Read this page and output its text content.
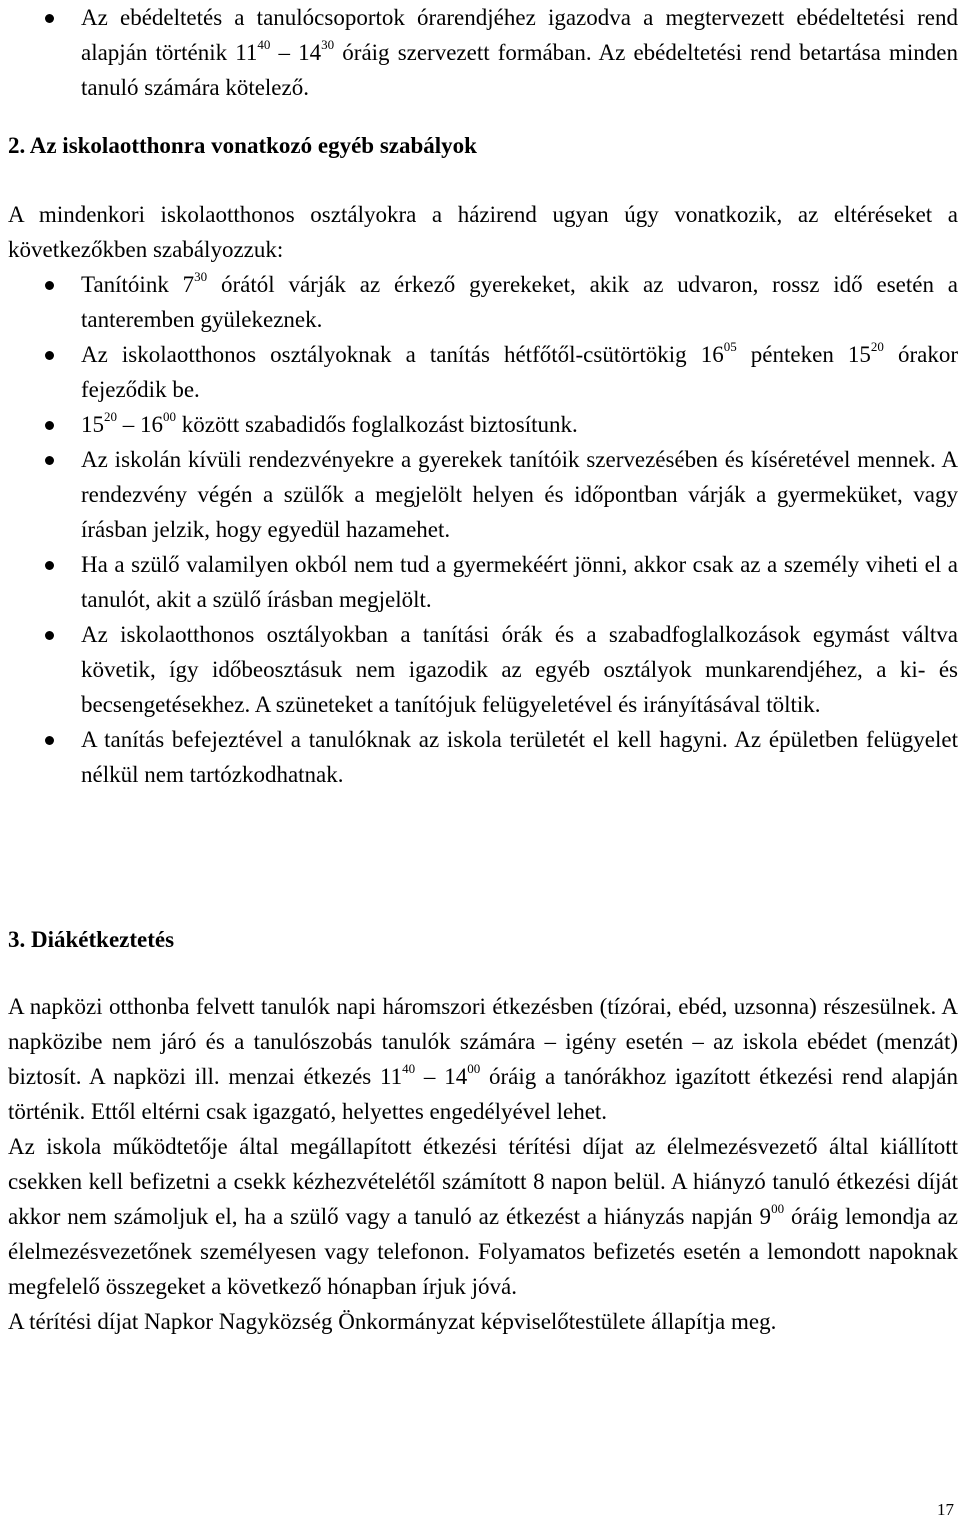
Az ebédeltetés a tanulócsoportok órarendjéhez igazodva a megtervezett ebédeltetési rend alapján történik $11^{40} - 14^{30}$ óráig szervezett formában. Az ebédeltetési rend betartása minden tanuló számára kötelező.
2. Az iskolaotthonra vonatkozó egyéb szabályok

A mindenkori iskolaotthonos osztályokra a házirend ugyan úgy vonatkozik, az eltéréseket a következőkben szabályozzuk:

Tanítóink $7^{30}$ órától várják az érkező gyerekeket, akik az udvaron, rossz idő esetén a tanteremben gyülekeznek.
Az iskolaotthonos osztályoknak a tanítás hétfőtől-csütörtökig $16^{05}$ pénteken $15^{20}$ órakor fejeződik be.
$15^{20} - 16^{00}$ között szabadidős foglalkozást biztosítunk.
Az iskolán kívüli rendezvényekre a gyerekek tanítóik szervezésében és kíséretével mennek. A rendezvény végén a szülők a megjelölt helyen és időpontban várják a gyermeküket, vagy írásban jelzik, hogy egyedül hazamehet.
Ha a szülő valamilyen okból nem tud a gyermekéért jönni, akkor csak az a személy viheti el a tanulót, akit a szülő írásban megjelölt.
Az iskolaotthonos osztályokban a tanítási órák és a szabadfoglalkozások egymást váltva követik, így időbeosztásuk nem igazodik az egyéb osztályok munkarendjéhez, a ki- és becsengetésekhez. A szüneteket a tanítójuk felügyeletével és irányításával töltik.
A tanítás befejeztével a tanulóknak az iskola területét el kell hagyni. Az épületben felügyelet nélkül nem tartózkodhatnak.
3. Diákétkeztetés

A napközi otthonba felvett tanulók napi háromszori étkezésben (tízórai, ebéd, uzsonna) részesülnek. A napközibe nem járó és a tanulószobás tanulók számára – igény esetén – az iskola ebédet (menzát) biztosít. A napközi ill. menzai étkezés $11^{40} - 14^{00}$ óráig a tanórákhoz igazított étkezési rend alapján történik. Ettől eltérni csak igazgató, helyettes engedélyével lehet.

Az iskola működtetője által megállapított étkezési térítési díjat az élelmezésvezető által kiállított csekken kell befizetni a csekk kézhezvételétől számított 8 napon belül. A hiányzó tanuló étkezési díját akkor nem számoljuk el, ha a szülő vagy a tanuló az étkezést a hiányzás napján $9^{00}$ óráig lemondja az élelmezésvezetőnek személyesen vagy telefonon. Folyamatos befizetés esetén a lemondott napoknak megfelelő összegeket a következő hónapban írjuk jóvá.

A térítési díjat Napkor Nagyközség Önkormányzat képviselőtestülete állapítja meg.

17
